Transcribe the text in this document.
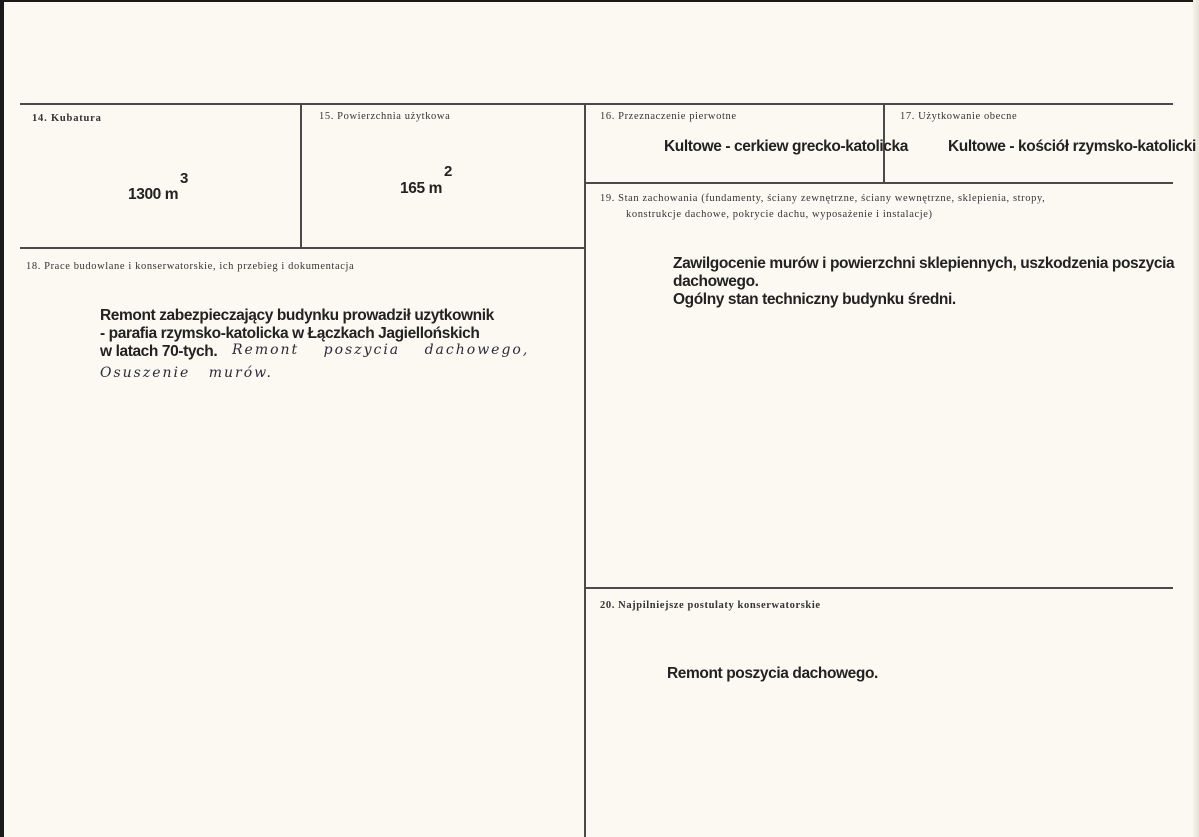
14. Kubatura
1300 m
3
15. Powierzchnia użytkowa
165 m
2
16. Przeznaczenie pierwotne
Kultowe - cerkiew grecko-katolicka
17. Użytkowanie obecne
Kultowe - kościół rzymsko-katolicki
18. Prace budowlane i konserwatorskie, ich przebieg i dokumentacja
Remont zabezpieczający budynku prowadził uzytkownik
- parafia rzymsko-katolicka w Łączkach Jagiellońskich
w latach 70-tych. Remont poszycia dachowego,
Osuszenie murów.
19. Stan zachowania (fundamenty, ściany zewnętrzne, ściany wewnętrzne, sklepienia, stropy,
konstrukcje dachowe, pokrycie dachu, wyposażenie i instalacje)
Zawilgocenie murów i powierzchni sklepiennych, uszkodzenia poszycia
dachowego.
Ogólny stan techniczny budynku średni.
20. Najpilniejsze postulaty konserwatorskie
Remont poszycia dachowego.
